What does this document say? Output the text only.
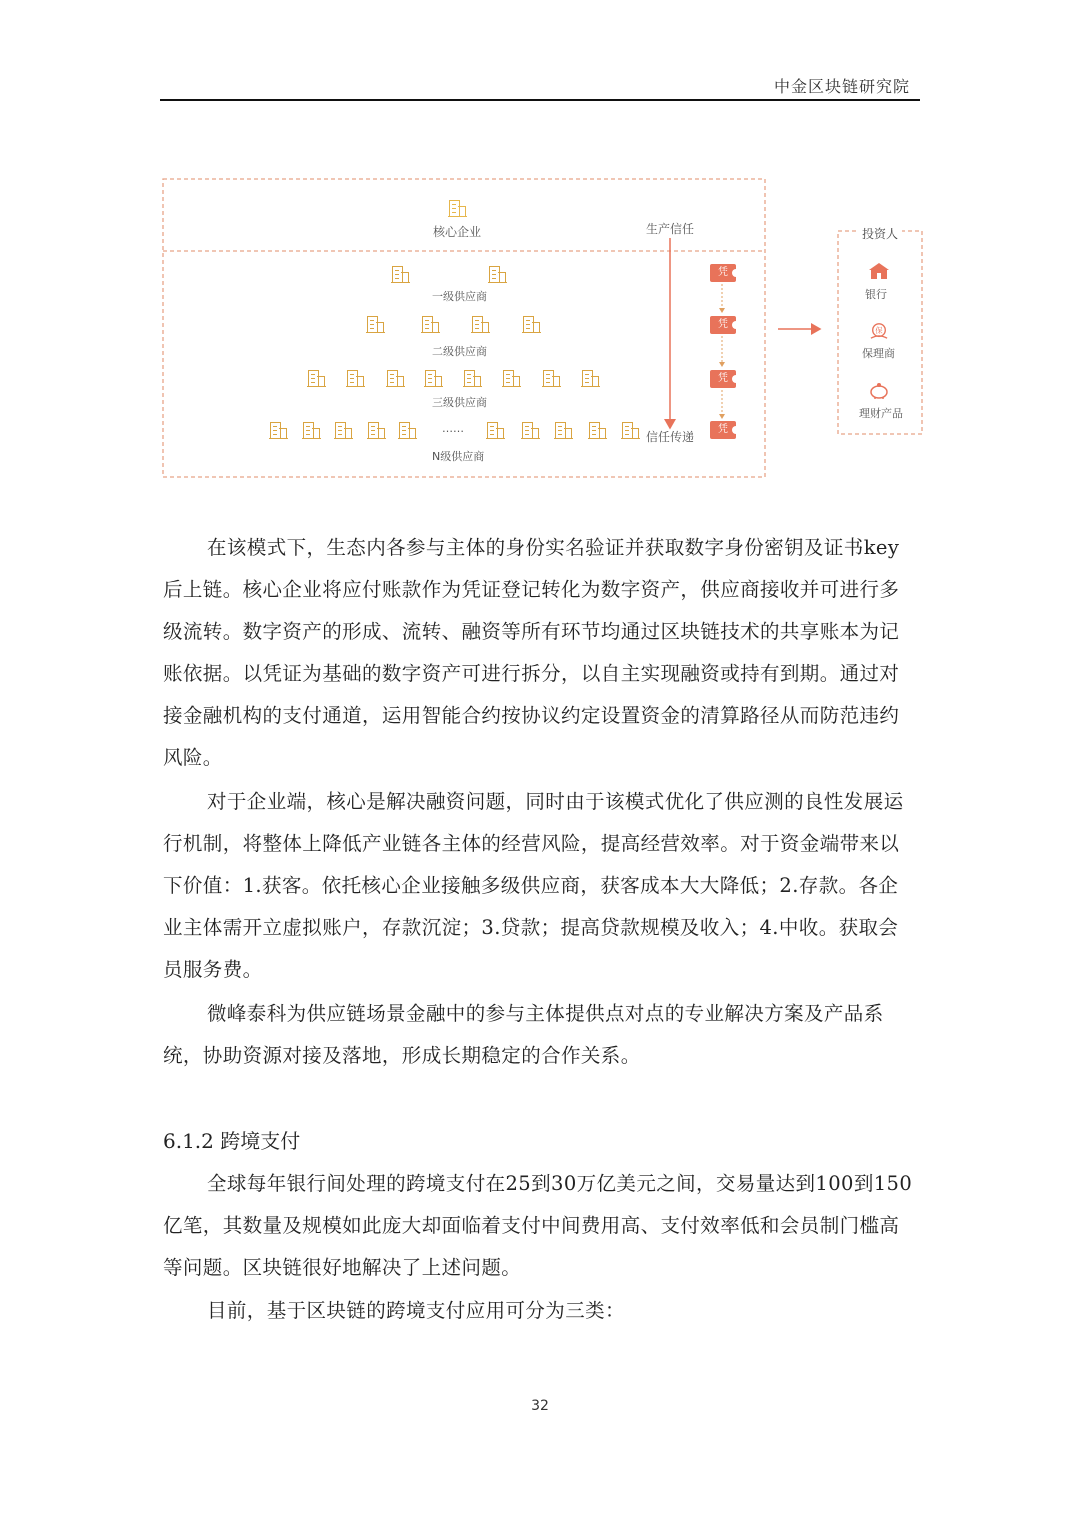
中金区块链研究院
核心企业	生产信任
信任传递
一级供应商
二级供应商
三级供应商
……
N级供应商
凭
凭
凭
凭
投资人
银行
保
保理商
理财产品

在该模式下，生态内各参与主体的身份实名验证并获取数字身份密钥及证书key后上链。核心企业将应付账款作为凭证登记转化为数字资产，供应商接收并可进行多级流转。数字资产的形成、流转、融资等所有环节均通过区块链技术的共享账本为记账依据。以凭证为基础的数字资产可进行拆分，以自主实现融资或持有到期。通过对接金融机构的支付通道，运用智能合约按协议约定设置资金的清算路径从而防范违约风险。

对于企业端，核心是解决融资问题，同时由于该模式优化了供应测的良性发展运行机制，将整体上降低产业链各主体的经营风险，提高经营效率。对于资金端带来以下价值：1.获客。依托核心企业接触多级供应商，获客成本大大降低；2.存款。各企业主体需开立虚拟账户，存款沉淀；3.贷款；提高贷款规模及收入；4.中收。获取会员服务费。

微峰泰科为供应链场景金融中的参与主体提供点对点的专业解决方案及产品系统，协助资源对接及落地，形成长期稳定的合作关系。

6.1.2 跨境支付

全球每年银行间处理的跨境支付在25到30万亿美元之间，交易量达到100到150亿笔，其数量及规模如此庞大却面临着支付中间费用高、支付效率低和会员制门槛高等问题。区块链很好地解决了上述问题。

目前，基于区块链的跨境支付应用可分为三类：

32
